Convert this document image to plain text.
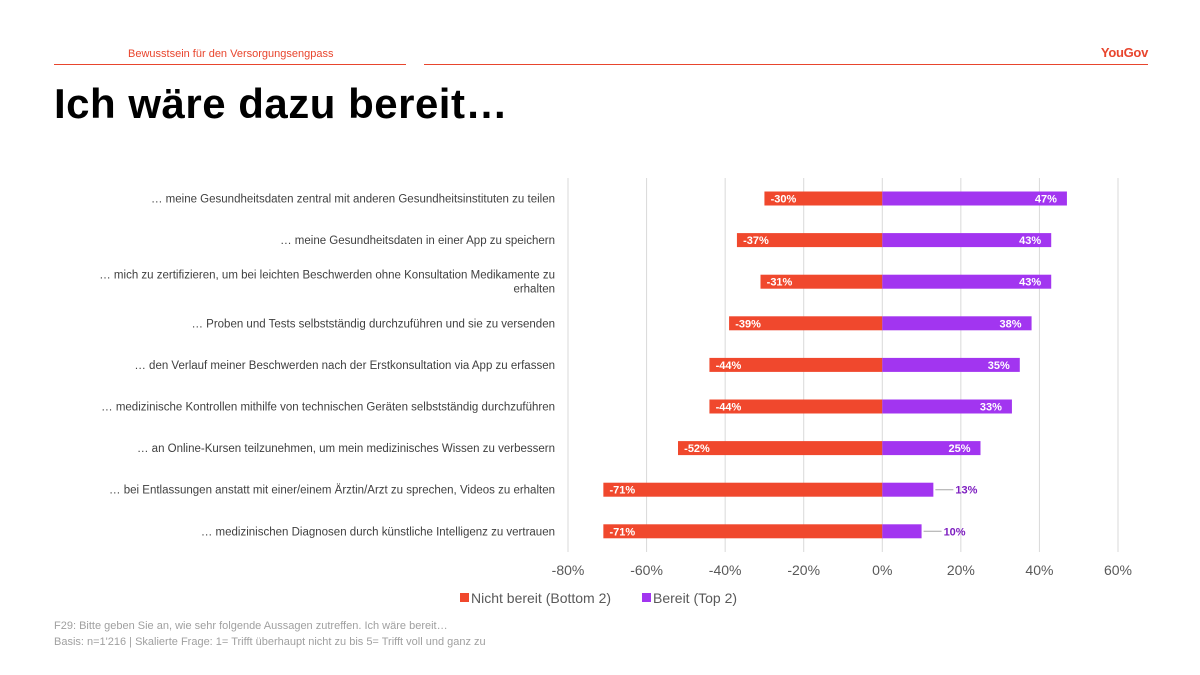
Bewusstsein für den Versorgungsengpass	YouGov
Ich wäre dazu bereit…
-30%	47%
-37%	43%
-31%	43%
-39%	38%
-44%	35%
-44%	33%
-52%	25%
-71%	13%
-71%	10%
… meine Gesundheitsdaten zentral mit anderen Gesundheitsinstituten zu teilen
… meine Gesundheitsdaten in einer App zu speichern
… mich zu zertifizieren, um bei leichten Beschwerden ohne Konsultation Medikamente zu erhalten
… Proben und Tests selbstständig durchzuführen und sie zu versenden
… den Verlauf meiner Beschwerden nach der Erstkonsultation via App zu erfassen
… medizinische Kontrollen mithilfe von technischen Geräten selbstständig durchzuführen
… an Online-Kursen teilzunehmen, um mein medizinisches Wissen zu verbessern
… bei Entlassungen anstatt mit einer/einem Ärztin/Arzt zu sprechen, Videos zu erhalten
… medizinischen Diagnosen durch künstliche Intelligenz zu vertrauen
-80%	-60%	-40%	-20%	0%	20%	40%	60%
Nicht bereit (Bottom 2)	Bereit (Top 2)
F29: Bitte geben Sie an, wie sehr folgende Aussagen zutreffen. Ich wäre bereit…
Basis: n=1'216 | Skalierte Frage: 1= Trifft überhaupt nicht zu bis 5= Trifft voll und ganz zu
